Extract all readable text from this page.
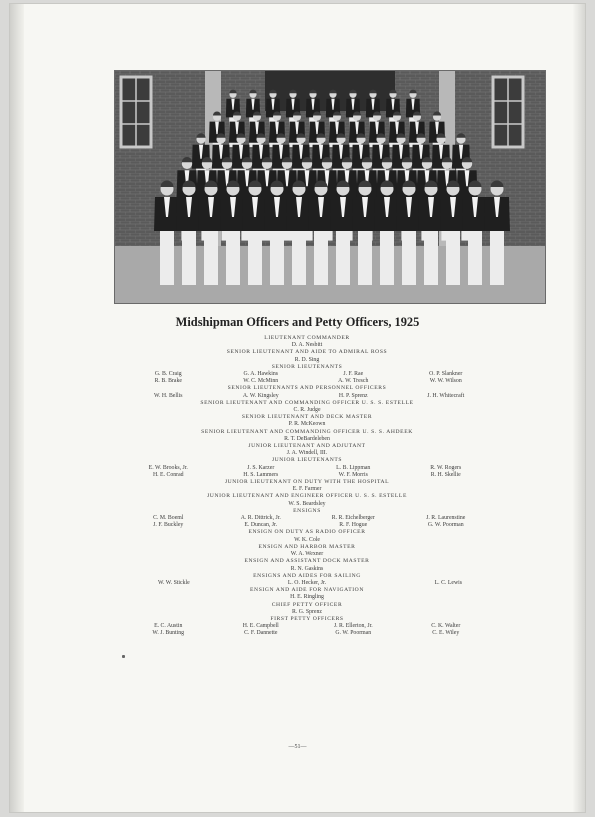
Midshipman Officers and Petty Officers, 1925
LIEUTENANT COMMANDER
D. A. Nesbitt
SENIOR LIEUTENANT AND AIDE TO ADMIRAL ROSS
R. D. Sing
SENIOR LIEUTENANTS
G. B. Craig	G. A. Hawkins	J. F. Rae	O. P. Slankner
R. B. Brake	W. C. McMinn	A. W. Tresch	W. W. Wilson
SENIOR LIEUTENANTS AND PERSONNEL OFFICERS
W. H. Bellis	A. W. Kingsley	H. P. Sprenz	J. H. Whitecraft
SENIOR LIEUTENANT AND COMMANDING OFFICER U. S. S. ESTELLE
C. R. Judge
SENIOR LIEUTENANT AND DECK MASTER
P. R. McKeown
SENIOR LIEUTENANT AND COMMANDING OFFICER U. S. S. AHDEEK
R. T. DeBardeleben
JUNIOR LIEUTENANT AND ADJUTANT
J. A. Windell, III.
JUNIOR LIEUTENANTS
E. W. Brooks, Jr.	J. S. Karzer	L. B. Lippman	R. W. Rogers
H. E. Conrad	H. S. Lammers	W. F. Morris	R. H. Skellie
JUNIOR LIEUTENANT ON DUTY WITH THE HOSPITAL
E. F. Farmer
JUNIOR LIEUTENANT AND ENGINEER OFFICER U. S. S. ESTELLE
W. S. Beardsley
ENSIGNS
C. M. Boeml	A. R. Dittrick, Jr.	R. R. Eichelberger	J. R. Laurenstine
J. F. Buckley	E. Duncan, Jr.	R. F. Hogue	G. W. Poorman
ENSIGN ON DUTY AS RADIO OFFICER
W. K. Cole
ENSIGN AND HARBOR MASTER
W. A. Wexner
ENSIGN AND ASSISTANT DOCK MASTER
R. N. Gaskins
ENSIGNS AND AIDES FOR SAILING
W. W. Stickle	L. O. Hecker, Jr.	L. C. Lewis
ENSIGN AND AIDE FOR NAVIGATION
H. E. Ringling
CHIEF PETTY OFFICER
R. G. Sprenz
FIRST PETTY OFFICERS
E. C. Austin	H. E. Campbell	J. R. Ellerton, Jr.	C. K. Walter
W. J. Bunting	C. F. Dannette	G. W. Poorman	C. E. Wiley
—51—
